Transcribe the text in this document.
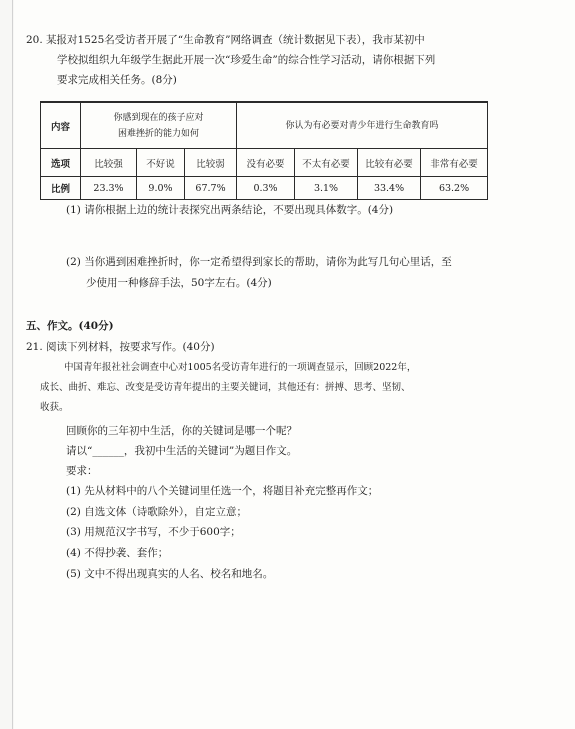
20. 某报对1525名受访者开展了“生命教育”网络调查（统计数据见下表），我市某初中
学校拟组织九年级学生据此开展一次“珍爱生命”的综合性学习活动，请你根据下列
要求完成相关任务。(8分)
内容	你感到现在的孩子应对
困难挫折的能力如何			你认为有必要对青少年进行生命教育吗			
选项	比较强	不好说	比较弱	没有必要	不太有必要	比较有必要	非常有必要
比例	23.3%	9.0%	67.7%	0.3%	3.1%	33.4%	63.2%
(1) 请你根据上边的统计表探究出两条结论，不要出现具体数字。(4分)
(2) 当你遇到困难挫折时，你一定希望得到家长的帮助，请你为此写几句心里话，至
少使用一种修辞手法，50字左右。(4分)
五、作文。(40分)
21. 阅读下列材料，按要求写作。(40分)
中国青年报社社会调查中心对1005名受访青年进行的一项调查显示，回顾2022年，
成长、曲折、难忘、改变是受访青年提出的主要关键词，其他还有：拼搏、思考、坚韧、
收获。
回顾你的三年初中生活，你的关键词是哪一个呢？
请以“______，我初中生活的关键词”为题目作文。
要求：
(1) 先从材料中的八个关键词里任选一个，将题目补充完整再作文；
(2) 自选文体（诗歌除外），自定立意；
(3) 用规范汉字书写，不少于600字；
(4) 不得抄袭、套作；
(5) 文中不得出现真实的人名、校名和地名。
